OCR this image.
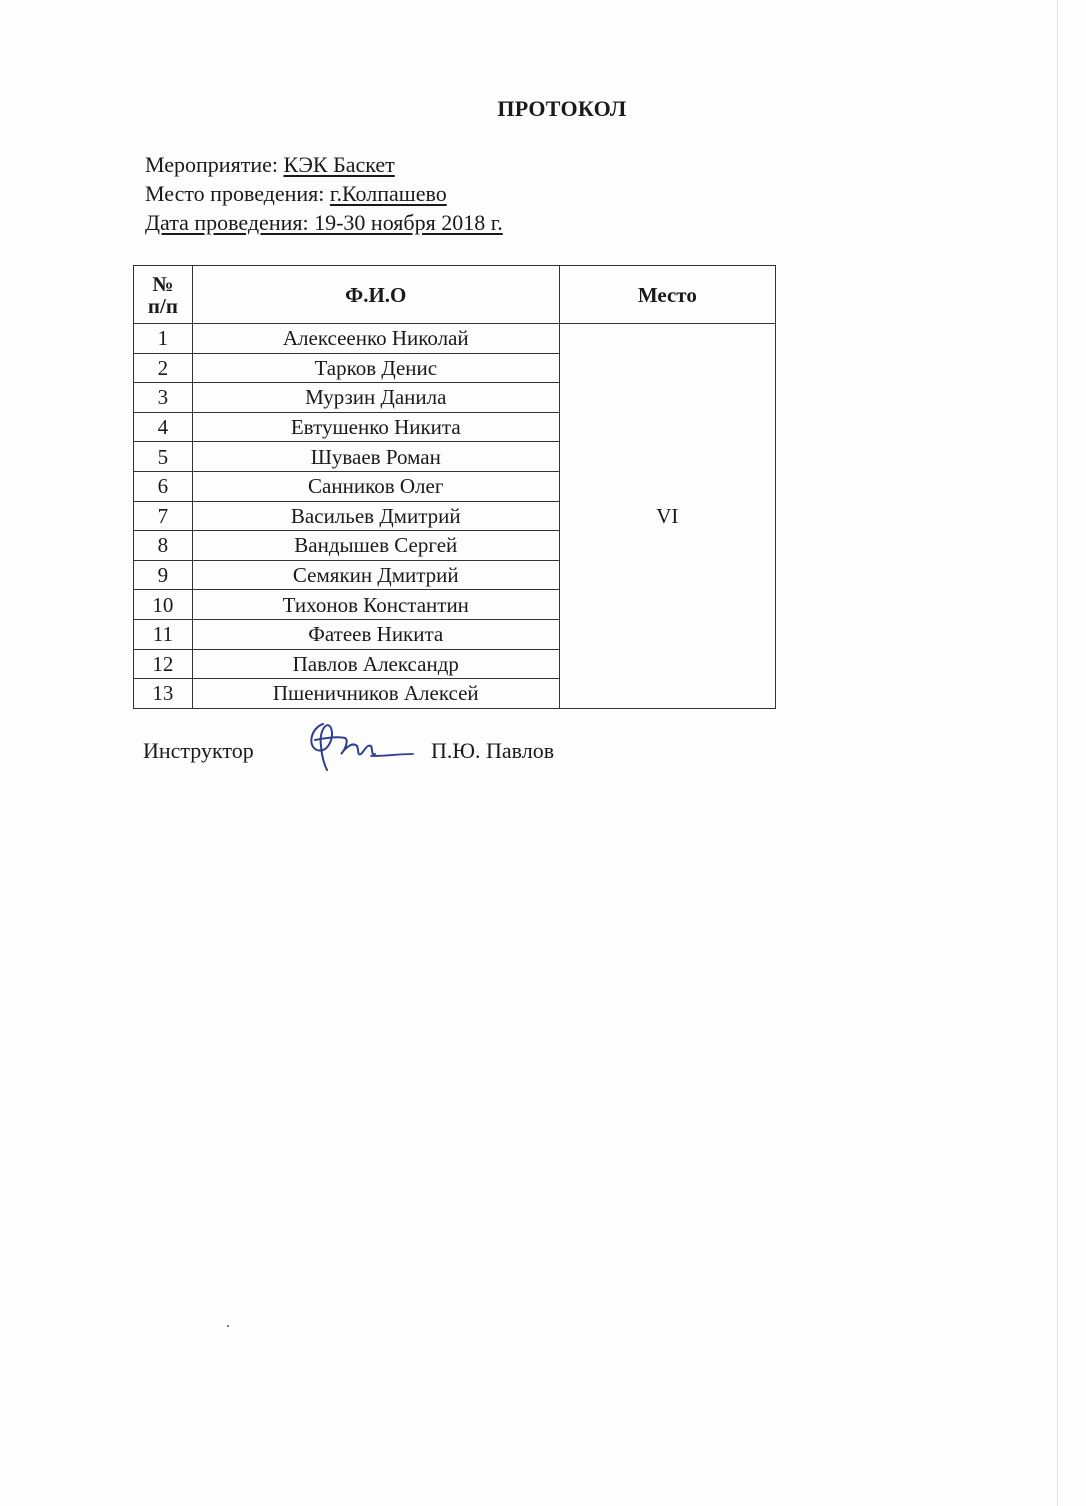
ПРОТОКОЛ
Мероприятие: КЭК Баскет
Место проведения: г.Колпашево
Дата проведения: 19-30 ноября 2018 г.
№
п/п	Ф.И.О	Место
1	Алексеенко Николай	VI
2	Тарков Денис	
3	Мурзин Данила	
4	Евтушенко Никита	
5	Шуваев Роман	
6	Санников Олег	
7	Васильев Дмитрий	
8	Вандышев Сергей	
9	Семякин Дмитрий	
10	Тихонов Константин	
11	Фатеев Никита	
12	Павлов Александр	
13	Пшеничников Алексей	
Инструктор	П.Ю. Павлов
